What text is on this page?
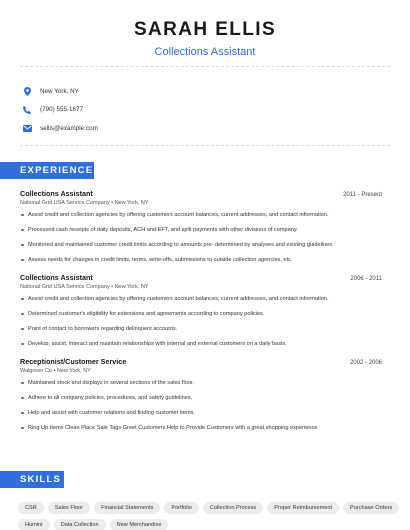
SARAH ELLIS
Collections Assistant
New York, NY
(790) 555-1677
sellis@example.com
EXPERIENCE
Collections Assistant	2011 - Present
National Grid USA Service Company • New York, NY
Assist credit and collection agencies by offering customers account balances, current addresses, and contact information.
Processed cash receipts of daily deposits, ACH and EFT, and split payments with other divisions of company.
Monitored and maintained customer credit limits according to amounts pre- determined by analyses and existing guidelines.
Assess needs for changes in credit limits, terms, write-offs, submissions to outside collection agencies, etc.
Collections Assistant	2006 - 2011
National Grid USA Service Company • New York, NY
Assist credit and collection agencies by offering customers account balances, current addresses, and contact information.
Determined customer's eligibility for extensions and agreements according to company policies.
Point of contact to borrowers regarding delinquent accounts.
Develop, assist, interact and maintain relationships with internal and external customers on a daily basis.
Receptionist/Customer Service	2002 - 2006
Walgreen Co • New York, NY
Maintained stock and displays in several sections of the sales floor.
Adhere to all company policies, procedures, and safety guidelines.
Help and assist with customer relations and finding customer items.
Ring Up Items Clean Place Sale Tags Greet Customers Help to Provide Customers with a great shopping experience
SKILLS
CSR	Sales Floor	Financial Statements	Portfolio	Collection Process	Proper Reimbursement	Purchase Orders
Humint	Data Collection	New Merchandise
